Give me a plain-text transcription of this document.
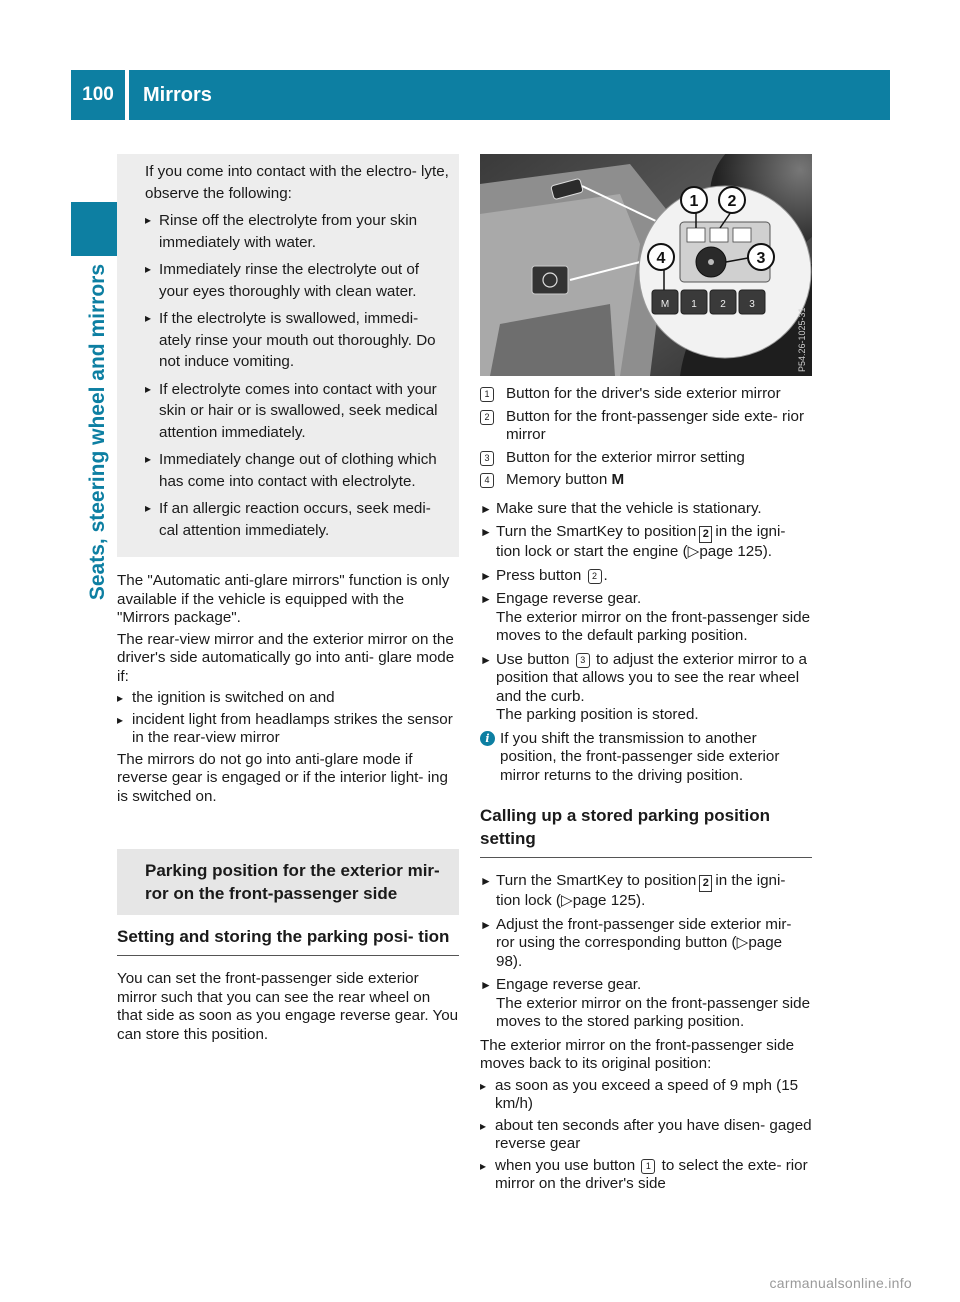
100	Mirrors
Seats, steering wheel and mirrors

If you come into contact with the electro- lyte, observe the following:

▸ Rinse off the electrolyte from your skin immediately with water.
▸ Immediately rinse the electrolyte out of your eyes thoroughly with clean water.
▸ If the electrolyte is swallowed, immedi- ately rinse your mouth out thoroughly. Do not induce vomiting.
▸ If electrolyte comes into contact with your skin or hair or is swallowed, seek medical attention immediately.
▸ Immediately change out of clothing which has come into contact with electrolyte.
▸ If an allergic reaction occurs, seek medi- cal attention immediately.

The "Automatic anti-glare mirrors" function is only available if the vehicle is equipped with the "Mirrors package".

The rear-view mirror and the exterior mirror on the driver's side automatically go into anti- glare mode if:

▸ the ignition is switched on and
▸ incident light from headlamps strikes the sensor in the rear-view mirror

The mirrors do not go into anti-glare mode if reverse gear is engaged or if the interior light- ing is switched on.

Parking position for the exterior mir- ror on the front-passenger side
Setting and storing the parking posi- tion

You can set the front-passenger side exterior mirror such that you can see the rear wheel on that side as soon as you engage reverse gear. You can store this position.

M 1 2 3
1 2
3
4
P54.26-1025-31

1 Button for the driver's side exterior mirror

2 Button for the front-passenger side exte- rior mirror

3 Button for the exterior mirror setting

4 Memory button M

► Make sure that the vehicle is stationary.

► Turn the SmartKey to position 2 in the igni- tion lock or start the engine (▷page 125).

► Press button 2 .

► Engage reverse gear.
The exterior mirror on the front-passenger side moves to the default parking position.

► Use button 3 to adjust the exterior mirror to a position that allows you to see the rear wheel and the curb.
The parking position is stored.

i If you shift the transmission to another position, the front-passenger side exterior mirror returns to the driving position.

Calling up a stored parking position setting

► Turn the SmartKey to position 2 in the igni- tion lock (▷page 125).

► Adjust the front-passenger side exterior mir- ror using the corresponding button (▷page 98).

► Engage reverse gear.
The exterior mirror on the front-passenger side moves to the stored parking position.

The exterior mirror on the front-passenger side moves back to its original position:

▸ as soon as you exceed a speed of 9 mph (15 km/h)
▸ about ten seconds after you have disen- gaged reverse gear
▸ when you use button 1 to select the exte- rior mirror on the driver's side
carmanualsonline.info
